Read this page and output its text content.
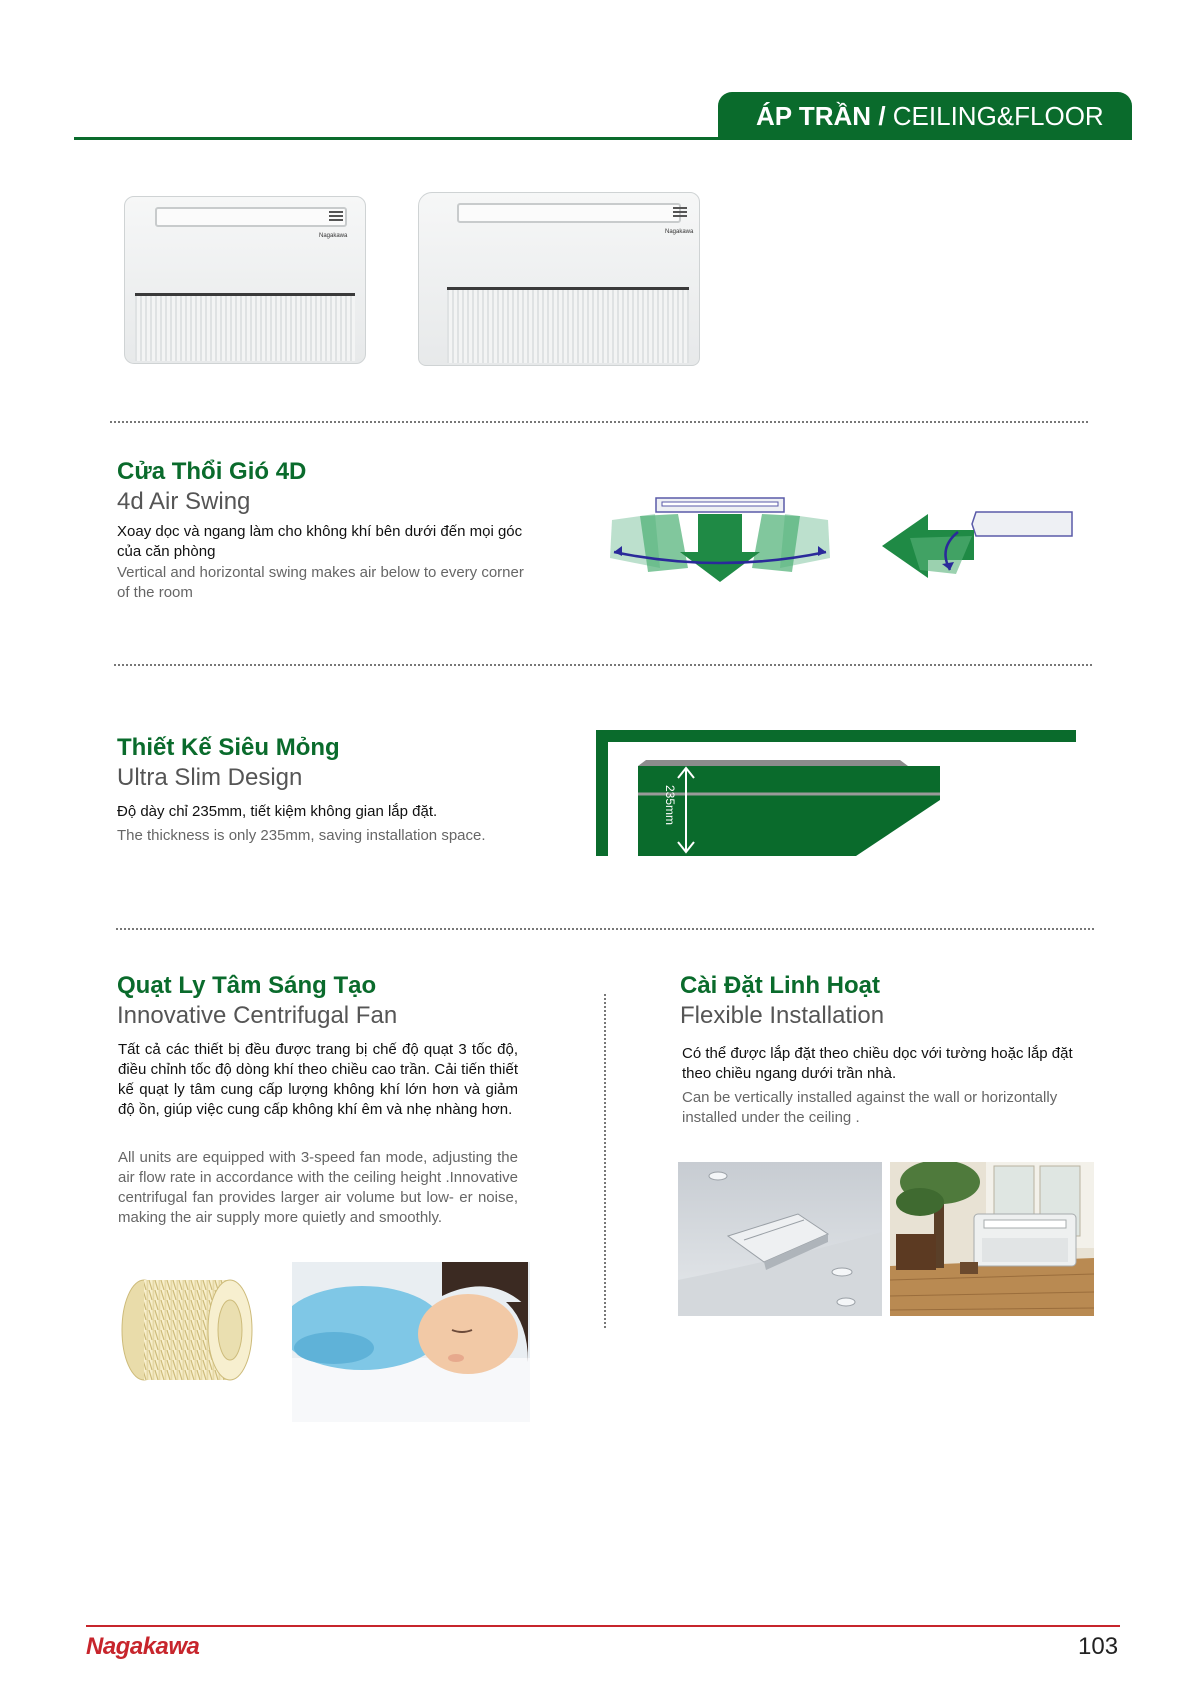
ÁP TRẦN / CEILING&FLOOR
Nagakawa
Nagakawa
Cửa Thổi Gió 4D
4d Air Swing
Xoay dọc và ngang làm cho không khí bên dưới đến mọi góc của căn phòng
Vertical and horizontal swing makes air below to every corner of the room
Thiết Kế Siêu Mỏng
Ultra Slim Design
Độ dày chỉ 235mm, tiết kiệm không gian lắp đặt.
The thickness is only 235mm, saving installation space.
235mm
Quạt Ly Tâm Sáng Tạo
Innovative Centrifugal Fan
Tất cả các thiết bị đều được trang bị chế độ quạt 3 tốc độ, điều chỉnh tốc độ dòng khí theo chiều cao trần. Cải tiến thiết kế quạt ly tâm cung cấp lượng không khí lớn hơn và giảm độ ồn, giúp việc cung cấp không khí êm và nhẹ nhàng hơn.
All units are equipped with 3-speed fan mode, adjusting the air flow rate in accordance with the ceiling height .Innovative centrifugal fan provides larger air volume but low- er noise, making the air supply more quietly and smoothly.
Cài Đặt Linh Hoạt
Flexible Installation
Có thể được lắp đặt theo chiều dọc với tường hoặc lắp đặt theo chiều ngang dưới trần nhà.
Can be vertically installed against the wall or horizontally installed under the ceiling .
Nagakawa	103
